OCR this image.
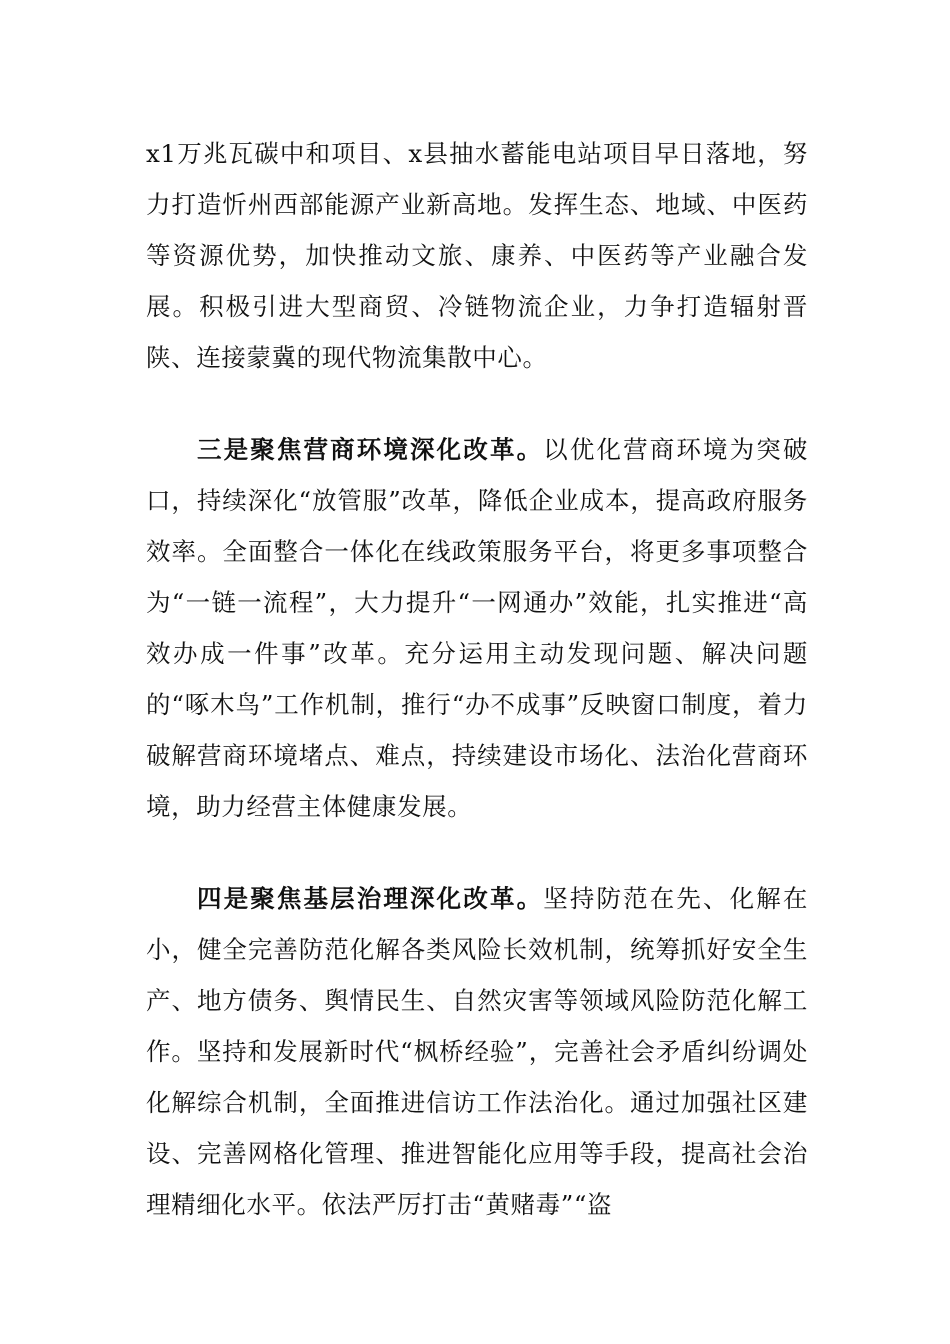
x1万兆瓦碳中和项目、x县抽水蓄能电站项目早日落地，努力打造忻州西部能源产业新高地。发挥生态、地域、中医药等资源优势，加快推动文旅、康养、中医药等产业融合发展。积极引进大型商贸、冷链物流企业，力争打造辐射晋陕、连接蒙冀的现代物流集散中心。

三是聚焦营商环境深化改革。以优化营商环境为突破口，持续深化“放管服”改革，降低企业成本，提高政府服务效率。全面整合一体化在线政策服务平台，将更多事项整合为“一链一流程”，大力提升“一网通办”效能，扎实推进“高效办成一件事”改革。充分运用主动发现问题、解决问题的“啄木鸟”工作机制，推行“办不成事”反映窗口制度，着力破解营商环境堵点、难点，持续建设市场化、法治化营商环境，助力经营主体健康发展。

四是聚焦基层治理深化改革。坚持防范在先、化解在小，健全完善防范化解各类风险长效机制，统筹抓好安全生产、地方债务、舆情民生、自然灾害等领域风险防范化解工作。坚持和发展新时代“枫桥经验”，完善社会矛盾纠纷调处化解综合机制，全面推进信访工作法治化。通过加强社区建设、完善网格化管理、推进智能化应用等手段，提高社会治理精细化水平。依法严厉打击“黄赌毒”“盗
